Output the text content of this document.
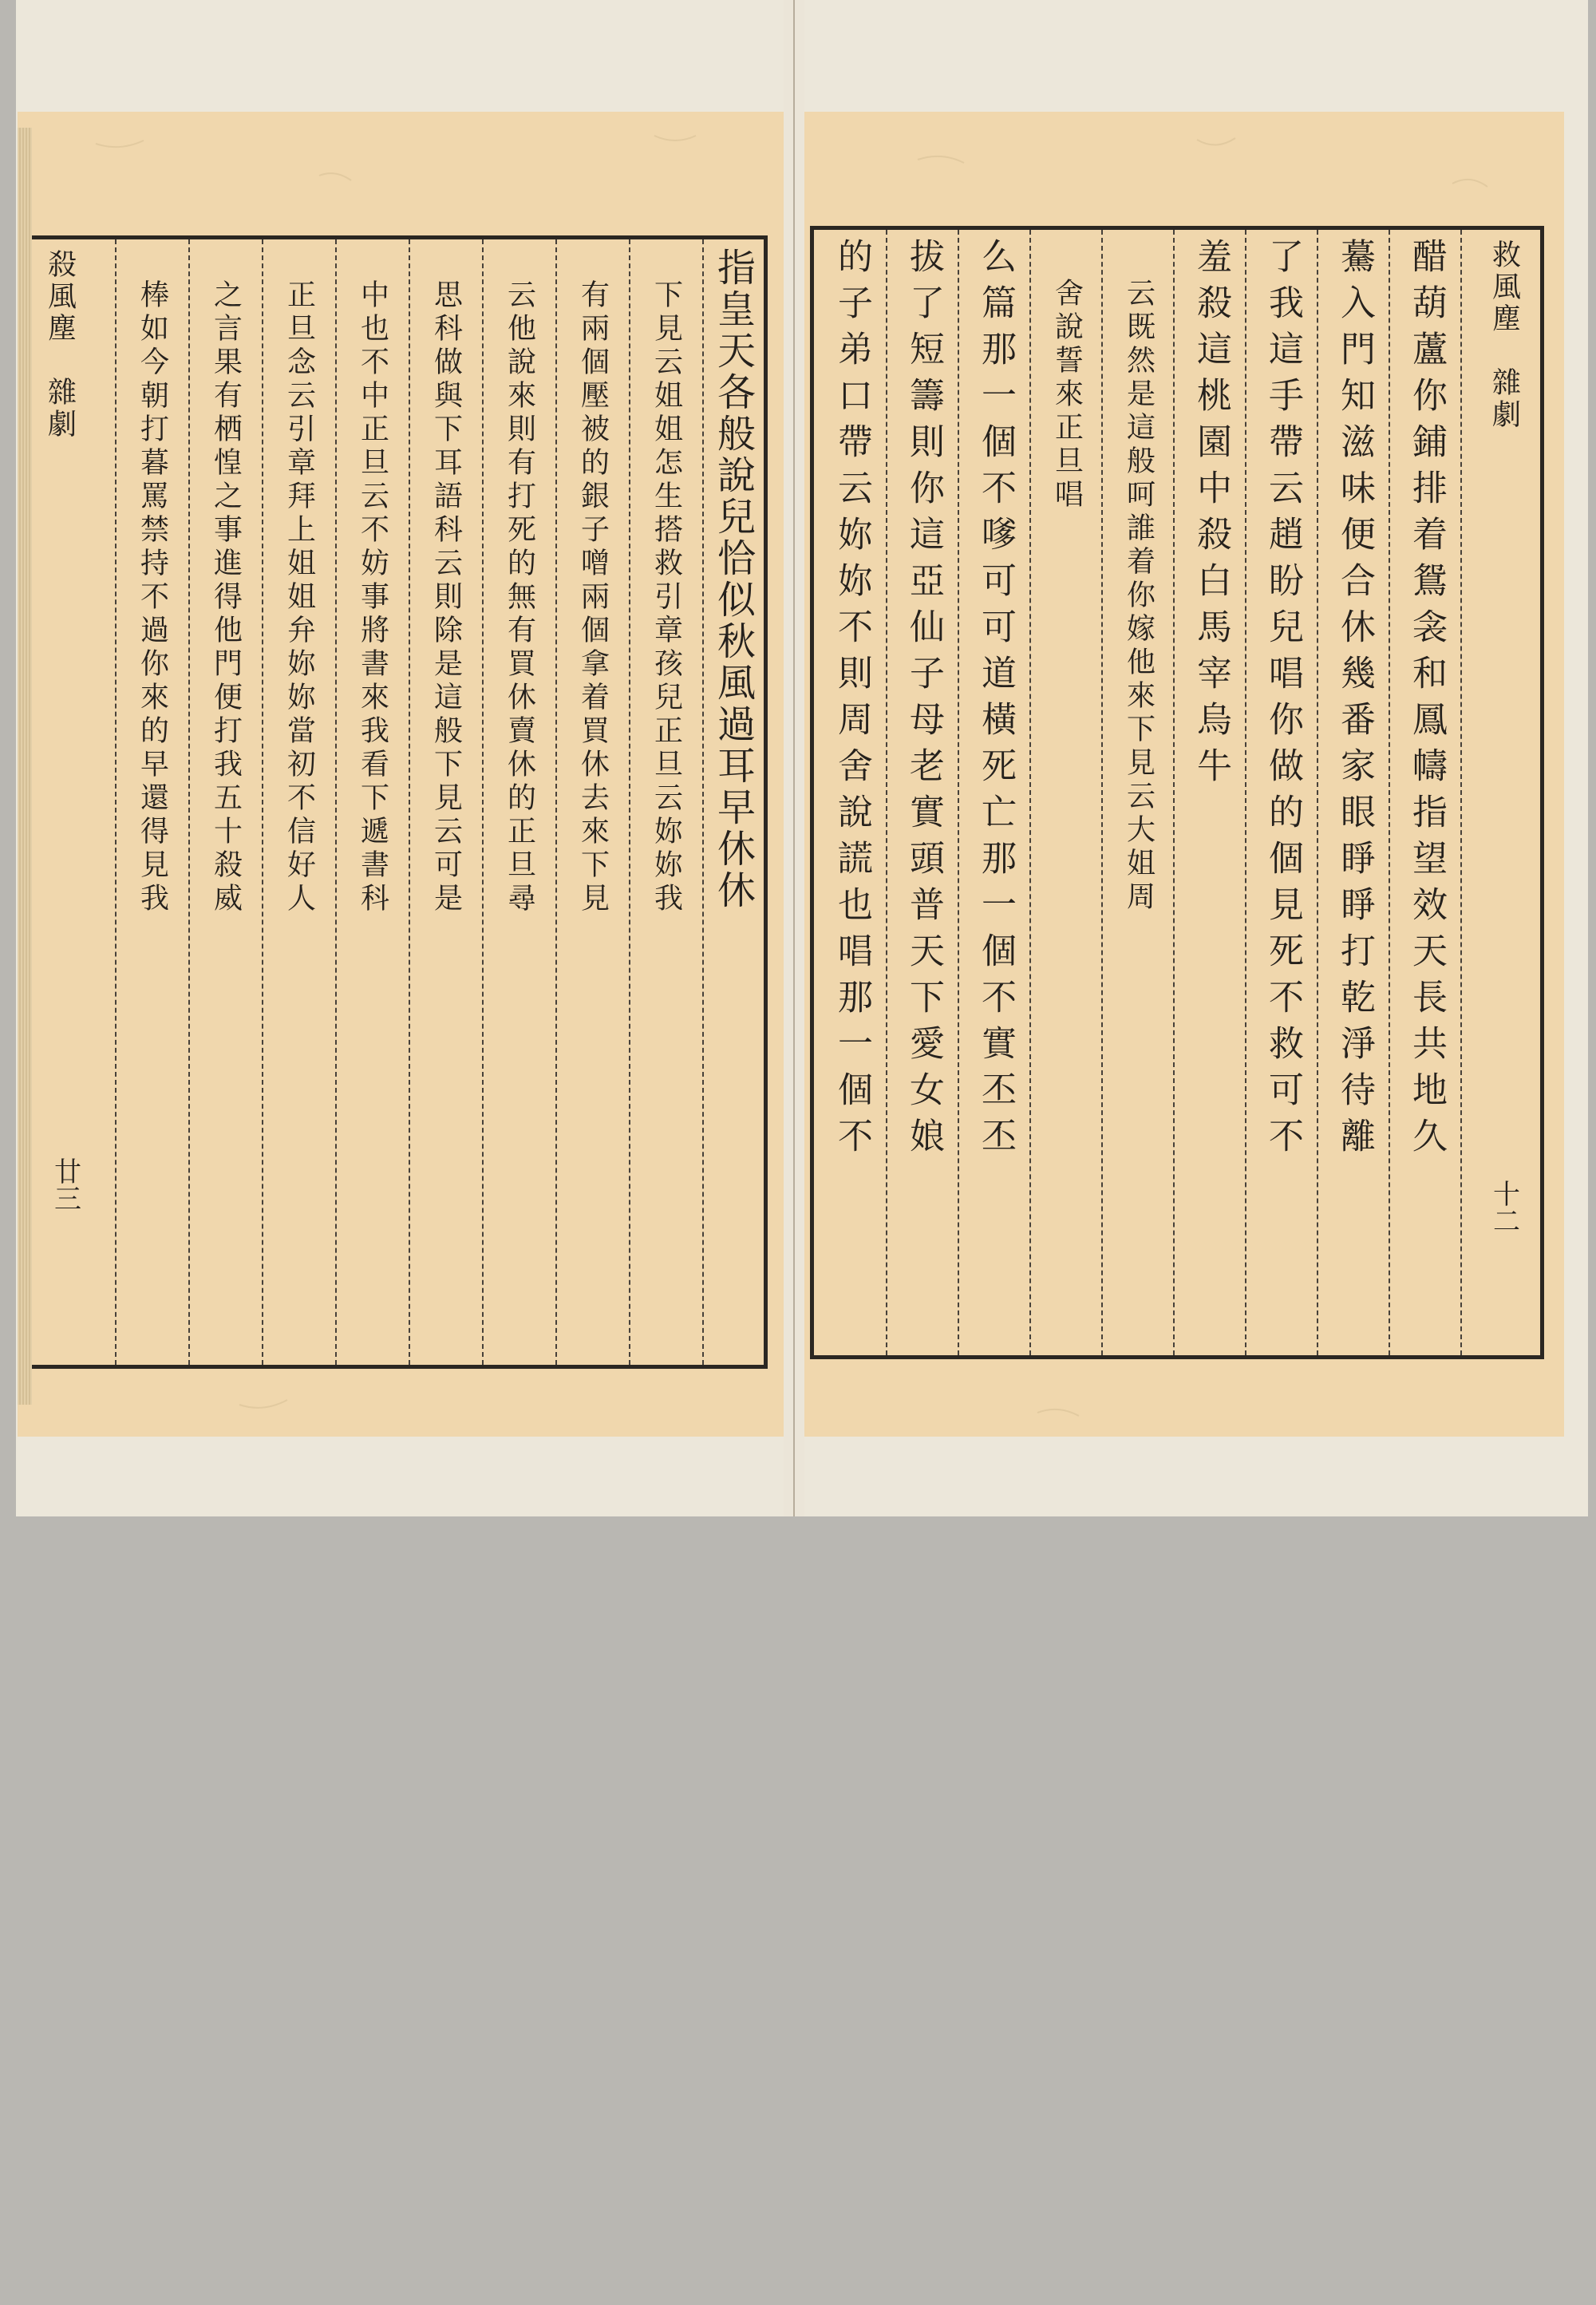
殺風塵
雜劇
廿三
棒如今朝打暮罵禁持不過你來的早還得見我 之言果有栖惶之事進得他門便打我五十殺威 正旦念云引章拜上姐姐弁妳妳當初不信好人 中也不中正旦云不妨事將書來我看下遞書科 思科做與下耳語科云則除是這般下見云可是 云他說來則有打死的無有買休賣休的正旦尋 有兩個壓被的銀子噌兩個拿着買休去來下見 下見云姐姐怎生搭救引章孩兒正旦云妳妳我 指皇天各般說兒恰似秋風過耳早休休 的子弟口帶云妳妳不則周舍說謊也唱那一個不 拔了短籌則你這亞仙子母老實頭普天下愛女娘 么篇那一個不嗲可可道橫死亡那一個不實丕丕 舍說誓來正旦唱 云既然是這般呵誰着你嫁他來下見云大姐周 羞殺這桃園中殺白馬宰烏牛 了我這手帶云趙盼兒唱你做的個見死不救可不 驀入門知滋味便合休幾番家眼睜睜打乾淨待離 醋葫蘆你鋪排着鴛衾和鳳幬指望效天長共地久 救風塵
雜劇
十二
